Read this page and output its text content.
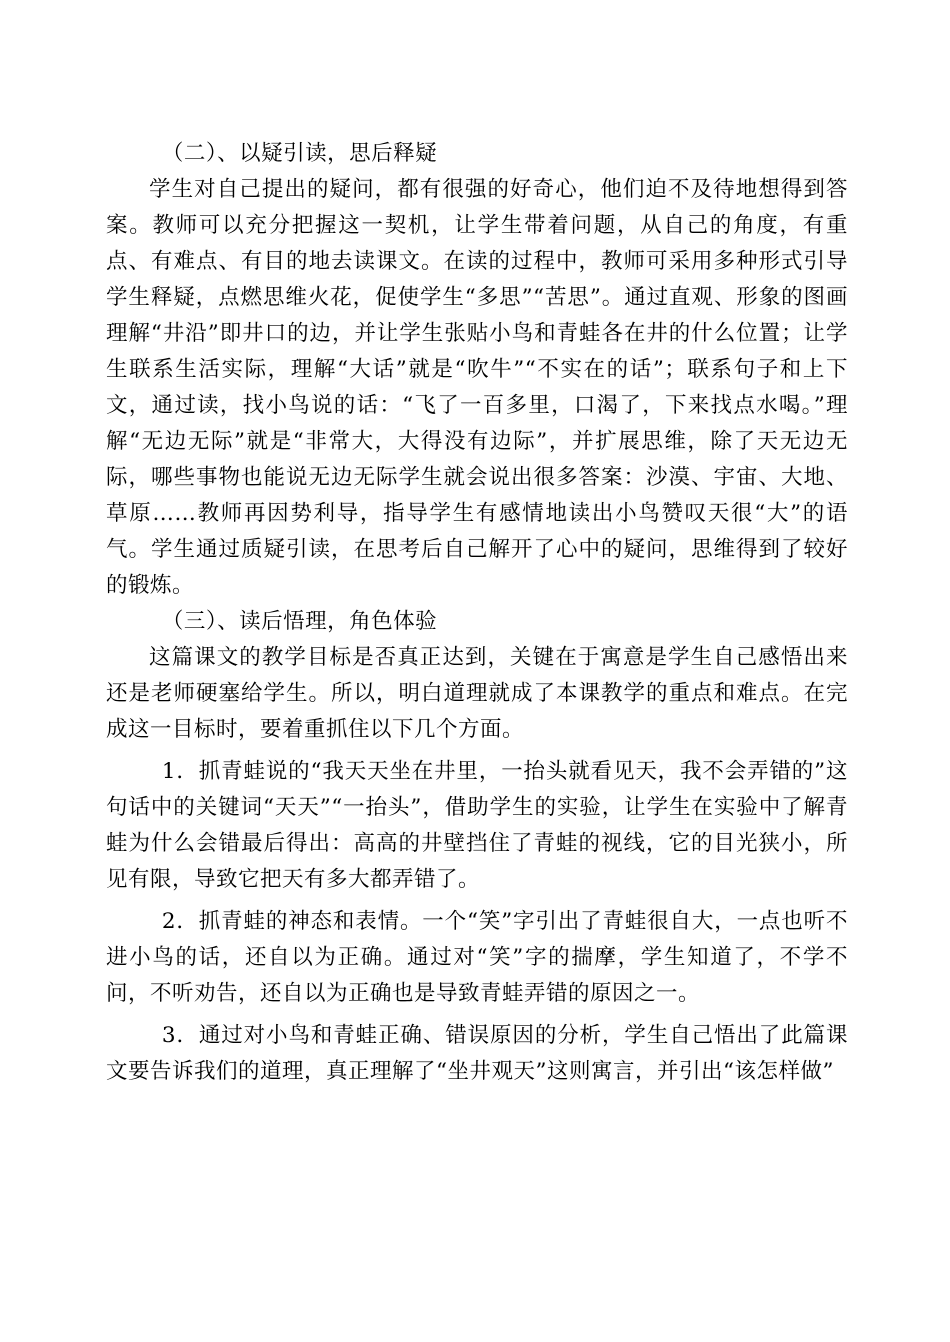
（二）、以疑引读，思后释疑

学生对自己提出的疑问，都有很强的好奇心，他们迫不及待地想得到答案。教师可以充分把握这一契机，让学生带着问题，从自己的角度，有重点、有难点、有目的地去读课文。在读的过程中，教师可采用多种形式引导学生释疑，点燃思维火花，促使学生“多思”“苦思”。通过直观、形象的图画理解“井沿”即井口的边，并让学生张贴小鸟和青蛙各在井的什么位置；让学生联系生活实际，理解“大话”就是“吹牛”“不实在的话”；联系句子和上下文，通过读，找小鸟说的话：“飞了一百多里，口渴了，下来找点水喝。”理解“无边无际”就是“非常大，大得没有边际”，并扩展思维，除了天无边无际，哪些事物也能说无边无际学生就会说出很多答案：沙漠、宇宙、大地、草原……教师再因势利导，指导学生有感情地读出小鸟赞叹天很“大”的语气。学生通过质疑引读，在思考后自己解开了心中的疑问，思维得到了较好的锻炼。

（三）、读后悟理，角色体验

这篇课文的教学目标是否真正达到，关键在于寓意是学生自己感悟出来还是老师硬塞给学生。所以，明白道理就成了本课教学的重点和难点。在完成这一目标时，要着重抓住以下几个方面。

1．抓青蛙说的“我天天坐在井里，一抬头就看见天，我不会弄错的”这句话中的关键词“天天”“一抬头”，借助学生的实验，让学生在实验中了解青蛙为什么会错最后得出：高高的井壁挡住了青蛙的视线，它的目光狭小，所见有限，导致它把天有多大都弄错了。

2．抓青蛙的神态和表情。一个“笑”字引出了青蛙很自大，一点也听不进小鸟的话，还自以为正确。通过对“笑”字的揣摩，学生知道了，不学不问，不听劝告，还自以为正确也是导致青蛙弄错的原因之一。

3．通过对小鸟和青蛙正确、错误原因的分析，学生自己悟出了此篇课文要告诉我们的道理，真正理解了“坐井观天”这则寓言，并引出“该怎样做”
